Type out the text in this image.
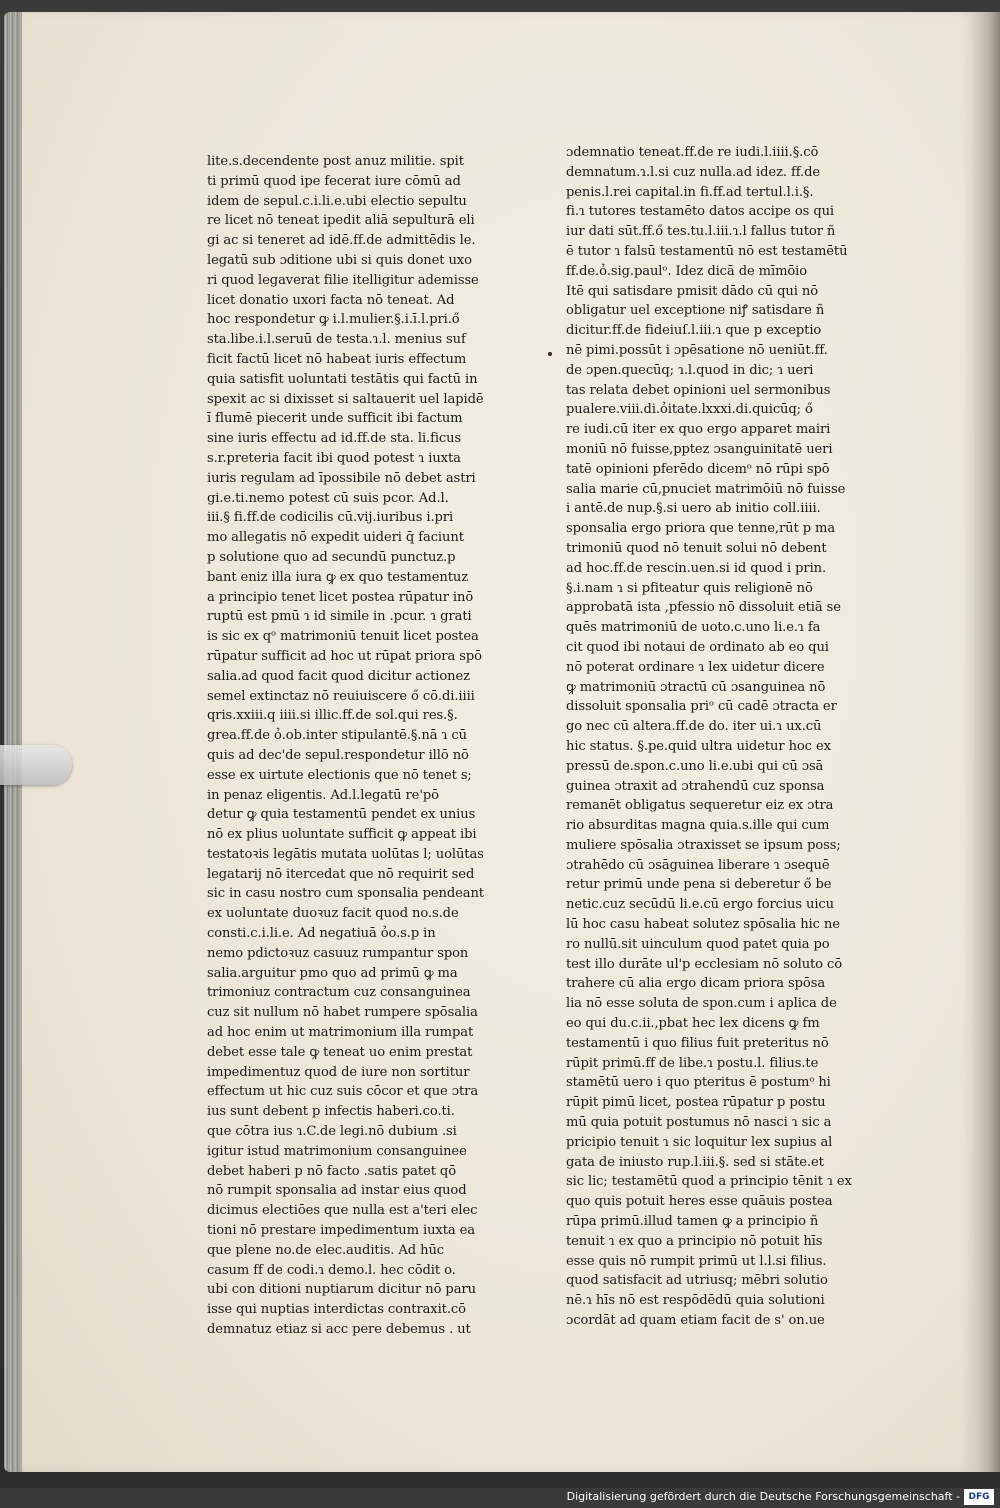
lite.s.decendente post anuz militie. spit
ti primū quod ipe fecerat iure cōmū ad
idem de sepul.c.i.li.e.ubi electio sepultu
re licet nō teneat ipedit aliā sepulturā eli
gi ac si teneret ad idē.ff.de admittēdis le.
legatū sub ɔditione ubi si quis donet uxo
ri quod legaverat filie itelligitur ademisse
licet donatio uxori facta nō teneat. Ad
hoc respondetur ꝙ i.l.mulier.§.i.ī.l.pri.ő
sta.libe.i.l.seruū de testa.ɿ.l. menius suf
ficit factū licet nō habeat iuris effectum
quia satisfit uoluntati testātis qui factū in
spexit ac si dixisset si saltauerit uel lapidē
ī flumē piecerit unde sufficit ibi factum
sine iuris effectu ad id.ff.de sta. li.ficus
s.r.preteria facit ibi quod potest ɿ iuxta
iuris regulam ad īpossibile nō debet astri
gi.e.ti.nemo potest cū suis pcor. Ad.l.
iii.§ fi.ff.de codicilis cū.vij.iuribus i.pri
mo allegatis nō expedit uideri q̄ faciunt
p solutione quo ad secundū punctuz.p
bant eniz illa iura ꝙ ex quo testamentuz
a principio tenet licet postea rūpatur inō
ruptū est pmū ɿ id simile in .pcur. ɿ grati
is sic ex qᵒ matrimoniū tenuit licet postea
rūpatur sufficit ad hoc ut rūpat priora spō
salia.ad quod facit quod dicitur actionez
semel extinctaz nō reuiuiscere ő cō.di.iiii
qris.xxiii.q iiii.si illic.ff.de sol.qui res.§.
grea.ff.de ỏ.ob.inter stipulantē.§.nā ɿ cū
quis ad dec'de sepul.respondetur illō nō
esse ex uirtute electionis que nō tenet s;
in penaz eligentis. Ad.l.legatū re'pō
detur ꝙ quia testamentū pendet ex unius
nō ex plius uoluntate sufficit ꝙ appeat ibi
testatoꝛis legātis mutata uolūtas l; uolūtas
legatarij nō itercedat que nō requirit sed
sic in casu nostro cum sponsalia pendeant
ex uoluntate duoꝛuz facit quod no.s.de
consti.c.i.li.e. Ad negatiuā ỏo.s.p in
nemo pdictoꝛuz casuuz rumpantur spon
salia.arguitur pmo quo ad primū ꝙ ma
trimoniuz contractum cuz consanguinea
cuz sit nullum nō habet rumpere spōsalia
ad hoc enim ut matrimonium illa rumpat
debet esse tale ꝙ teneat uo enim prestat
impedimentuz quod de iure non sortitur
effectum ut hic cuz suis cōcor et que ɔtra
ius sunt debent p infectis haberi.co.ti.
que cōtra ius ɿ.C.de legi.nō dubium .si
igitur istud matrimonium consanguinee
debet haberi p nō facto .satis patet qō
nō rumpit sponsalia ad instar eius quod
dicimus electiōes que nulla est a'teri elec
tioni nō prestare impedimentum iuxta ea
que plene no.de elec.auditis. Ad hūc
casum ff de codi.ɿ demo.l. hec cōdit o.
ubi con ditioni nuptiarum dicitur nō paru
isse qui nuptias interdictas contraxit.cō
demnatuz etiaz si acc pere debemus . ut
ɔdemnatio teneat.ff.de re iudi.l.iiii.§.cō
demnatum.ɿ.l.si cuz nulla.ad idez. ff.de
penis.l.rei capital.in fi.ff.ad tertul.l.i.§.
fi.ɿ tutores testamēto datos accipe os qui
iur dati sūt.ff.ő tes.tu.l.iii.ɿ.l fallus tutor ñ
ē tutor ɿ falsū testamentū nō est testamētū
ff.de.ỏ.sig.paulᵒ. Idez dicā de mīmōio
Itē qui satisdare pmisit dādo cū qui nō
obligatur uel exceptione niꝭ satisdare ñ
dicitur.ff.de fideiuſ.l.iii.ɿ que p exceptio
nē pimi.possūt i ɔpēsatione nō ueniūt.ff.
de ɔpen.quecūq; ɿ.l.quod in dic; ɿ ueri
tas relata debet opinioni uel sermonibus
pualere.viii.di.ỏitate.lxxxi.di.quicūq; ő
re iudi.cū iter ex quo ergo apparet mairi
moniū nō fuisse,pptez ɔsanguinitatē ueri
tatē opinioni pferēdo dicemᵒ nō rūpi spō
salia marie cū,pnuciet matrimōiū nō fuisse
i antē.de nup.§.si uero ab initio coll.iiii.
sponsalia ergo priora que tenne,rūt p ma
trimoniū quod nō tenuit solui nō debent
ad hoc.ff.de rescin.uen.si id quod i prin.
§.i.nam ɿ si pfiteatur quis religionē nō
approbatā ista ,pfessio nō dissoluit etiā se
quēs matrimoniū de uoto.c.uno li.e.ɿ fa
cit quod ibi notaui de ordinato ab eo qui
nō poterat ordinare ɿ lex uidetur dicere
ꝙ matrimoniū ɔtractū cū ɔsanguinea nō
dissoluit sponsalia priᵒ cū cadē ɔtracta er
go nec cū altera.ff.de do. iter ui.ɿ ux.cū
hic status. §.pe.quid ultra uidetur hoc ex
pressū de.spon.c.uno li.e.ubi qui cū ɔsā
guinea ɔtraxit ad ɔtrahendū cuz sponsa
remanēt obligatus sequeretur eiz ex ɔtra
rio absurditas magna quia.s.ille qui cum
muliere spōsalia ɔtraxisset se ipsum poss;
ɔtrahēdo cū ɔsāguinea liberare ɿ ɔsequē
retur primū unde pena si deberetur ő be
netic.cuz secūdū li.e.cū ergo forcius uicu
lū hoc casu habeat solutez spōsalia hic ne
ro nullū.sit uinculum quod patet quia po
test illo durāte ul'p ecclesiam nō soluto cō
trahere cū alia ergo dicam priora spōsa
lia nō esse soluta de spon.cum i aplica de
eo qui du.c.ii.,pbat hec lex dicens ꝙ fm
testamentū i quo filius fuit preteritus nō
rūpit primū.ff de libe.ɿ postu.l. filius.te
stamētū uero i quo pteritus ē postumᵒ hi
rūpit pimū licet, postea rūpatur p postu
mū quia potuit postumus nō nasci ɿ sic a
pricipio tenuit ɿ sic loquitur lex supius al
gata de iniusto rup.l.iii.§. sed si stāte.et
sic lic; testamētū quod a principio tēnit ɿ ex
quo quis potuit heres esse quāuis postea
rūpa primū.illud tamen ꝙ a principio ñ
tenuit ɿ ex quo a principio nō potuit hīs
esse quis nō rumpit primū ut l.l.si filius.
quod satisfacit ad utriusq; mēbri solutio
nē.ɿ hīs nō est respōdēdū quia solutioni
ɔcordāt ad quam etiam facit de s' on.ue
Digitalisierung gefördert durch die Deutsche Forschungsgemeinschaft - DFG
